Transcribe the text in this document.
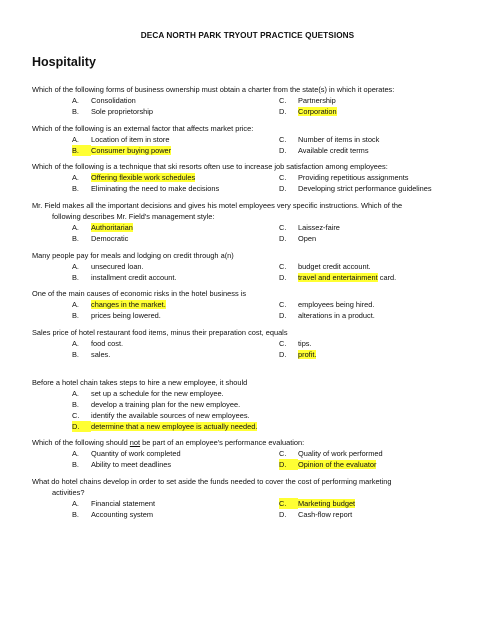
DECA NORTH PARK TRYOUT PRACTICE QUETSIONS
Hospitality
Which of the following forms of business ownership must obtain a charter from the state(s) in which it operates:
A. Consolidation	C. Partnership
B. Sole proprietorship	D. Corporation
Which of the following is an external factor that affects market price:
A. Location of item in store	C. Number of items in stock
B. Consumer buying power	D. Available credit terms
Which of the following is a technique that ski resorts often use to increase job satisfaction among employees:
A. Offering flexible work schedules	C. Providing repetitious assignments
B. Eliminating the need to make decisions	D. Developing strict performance guidelines
Mr. Field makes all the important decisions and gives his motel employees very specific instructions. Which of the
following describes Mr. Field's management style:
A. Authoritarian	C. Laissez-faire
B. Democratic	D. Open
Many people pay for meals and lodging on credit through a(n)
A. unsecured loan.	C. budget credit account.
B. installment credit account.	D. travel and entertainment card.
One of the main causes of economic risks in the hotel business is
A. changes in the market.	C. employees being hired.
B. prices being lowered.	D. alterations in a product.
Sales price of hotel restaurant food items, minus their preparation cost, equals
A. food cost.	C. tips.
B. sales.	D. profit.
Before a hotel chain takes steps to hire a new employee, it should
A. set up a schedule for the new employee.
B. develop a training plan for the new employee.
C. identify the available sources of new employees.
D. determine that a new employee is actually needed.
Which of the following should not be part of an employee's performance evaluation:
A. Quantity of work completed	C. Quality of work performed
B. Ability to meet deadlines	D. Opinion of the evaluator
What do hotel chains develop in order to set aside the funds needed to cover the cost of performing marketing
activities?
A. Financial statement	C. Marketing budget
B. Accounting system	D. Cash-flow report
